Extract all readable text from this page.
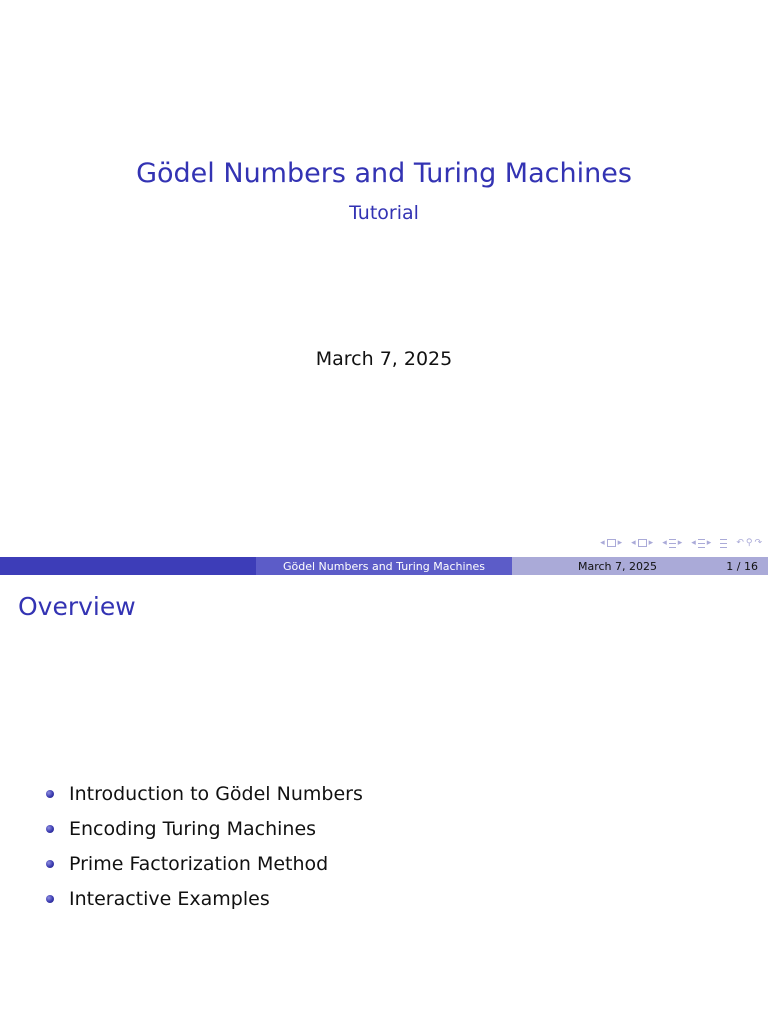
Gödel Numbers and Turing Machines
Tutorial
March 7, 2025
◂ ▸ ◂ ▸ ◂ ▸ ◂ ▸	↶ ⚲ ↷
Gödel Numbers and Turing Machines	March 7, 2025	1 / 16
Overview
Introduction to Gödel Numbers
Encoding Turing Machines
Prime Factorization Method
Interactive Examples
